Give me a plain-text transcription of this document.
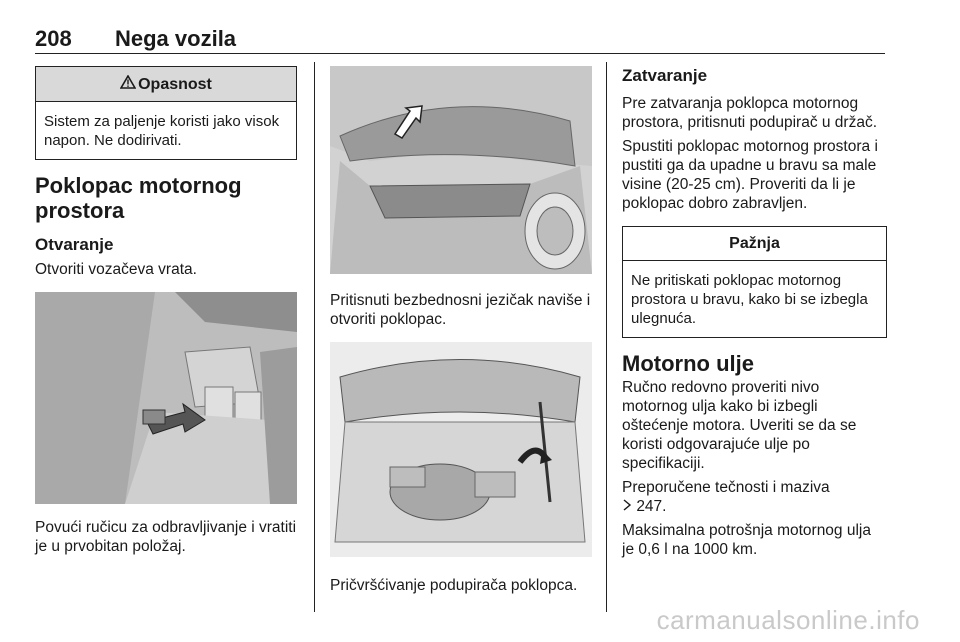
208 Nega vozila
Opasnost
Sistem za paljenje koristi jako visok napon. Ne dodirivati.
Poklopac motornog prostora
Otvaranje

Otvoriti vozačeva vrata.

Povući ručicu za odbravljivanje i vratiti je u prvobitan položaj.

Pritisnuti bezbednosni jezičak naviše i otvoriti poklopac.

Pričvršćivanje podupirača poklopca.

Zatvaranje

Pre zatvaranja poklopca motornog prostora, pritisnuti podupirač u držač.

Spustiti poklopac motornog prostora i pustiti ga da upadne u bravu sa male visine (20-25 cm). Proveriti da li je poklopac dobro zabravljen.

Pažnja
Ne pritiskati poklopac motornog prostora u bravu, kako bi se izbegla ulegnuća.
Motorno ulje

Ručno redovno proveriti nivo motornog ulja kako bi izbegli oštećenje motora. Uveriti se da se koristi odgovarajuće ulje po specifikaciji.

Preporučene tečnosti i maziva
247.

Maksimalna potrošnja motornog ulja je 0,6 l na 1000 km.

carmanualsonline.info
